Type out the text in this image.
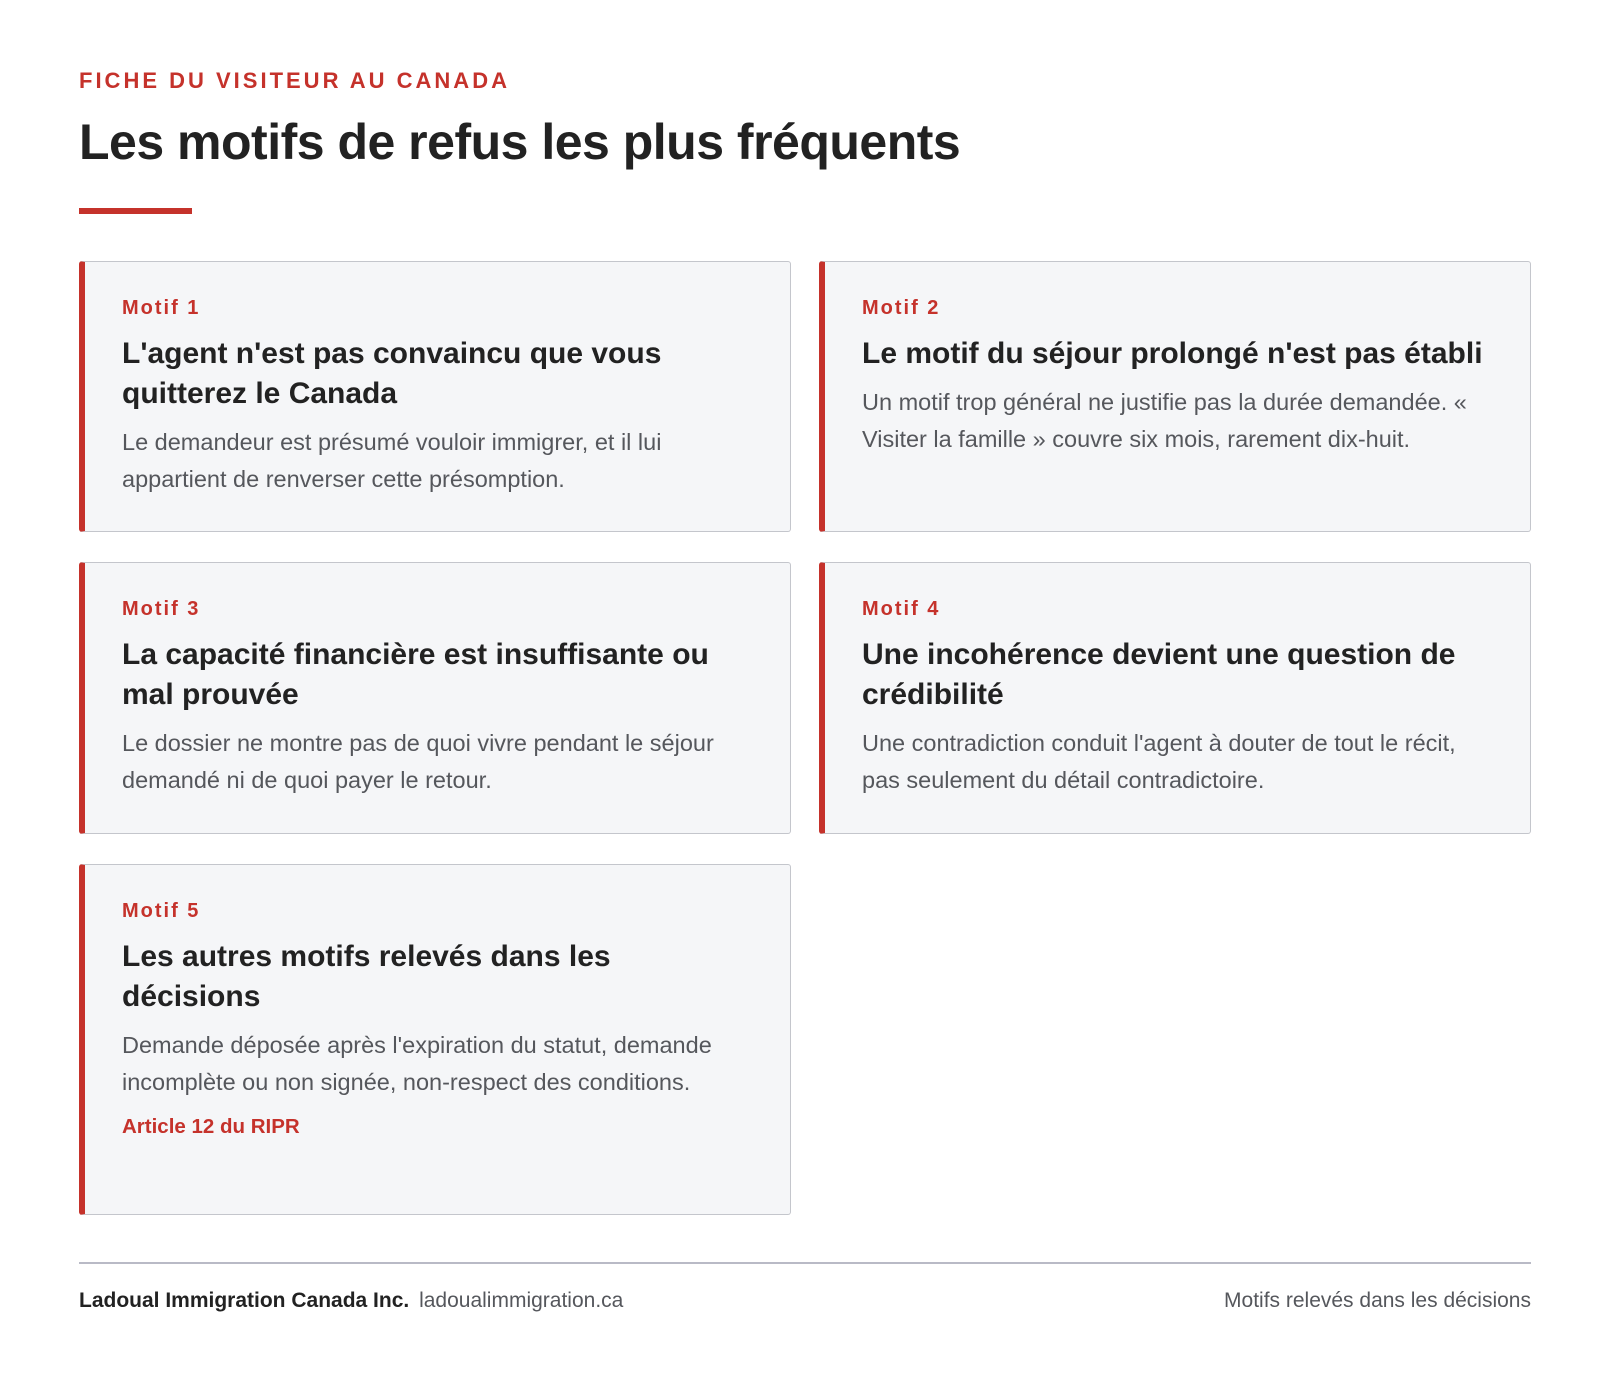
FICHE DU VISITEUR AU CANADA
Les motifs de refus les plus fréquents
Motif 1
L'agent n'est pas convaincu que vous quitterez le Canada

Le demandeur est présumé vouloir immigrer, et il lui appartient de renverser cette présomption.

Motif 2
Le motif du séjour prolongé n'est pas établi

Un motif trop général ne justifie pas la durée demandée. « Visiter la famille » couvre six mois, rarement dix-huit.

Motif 3
La capacité financière est insuffisante ou mal prouvée

Le dossier ne montre pas de quoi vivre pendant le séjour demandé ni de quoi payer le retour.

Motif 4
Une incohérence devient une question de crédibilité

Une contradiction conduit l'agent à douter de tout le récit, pas seulement du détail contradictoire.

Motif 5
Les autres motifs relevés dans les décisions

Demande déposée après l'expiration du statut, demande incomplète ou non signée, non-respect des conditions.

Article 12 du RIPR
Ladoual Immigration Canada Inc. ladoualimmigration.ca	Motifs relevés dans les décisions
